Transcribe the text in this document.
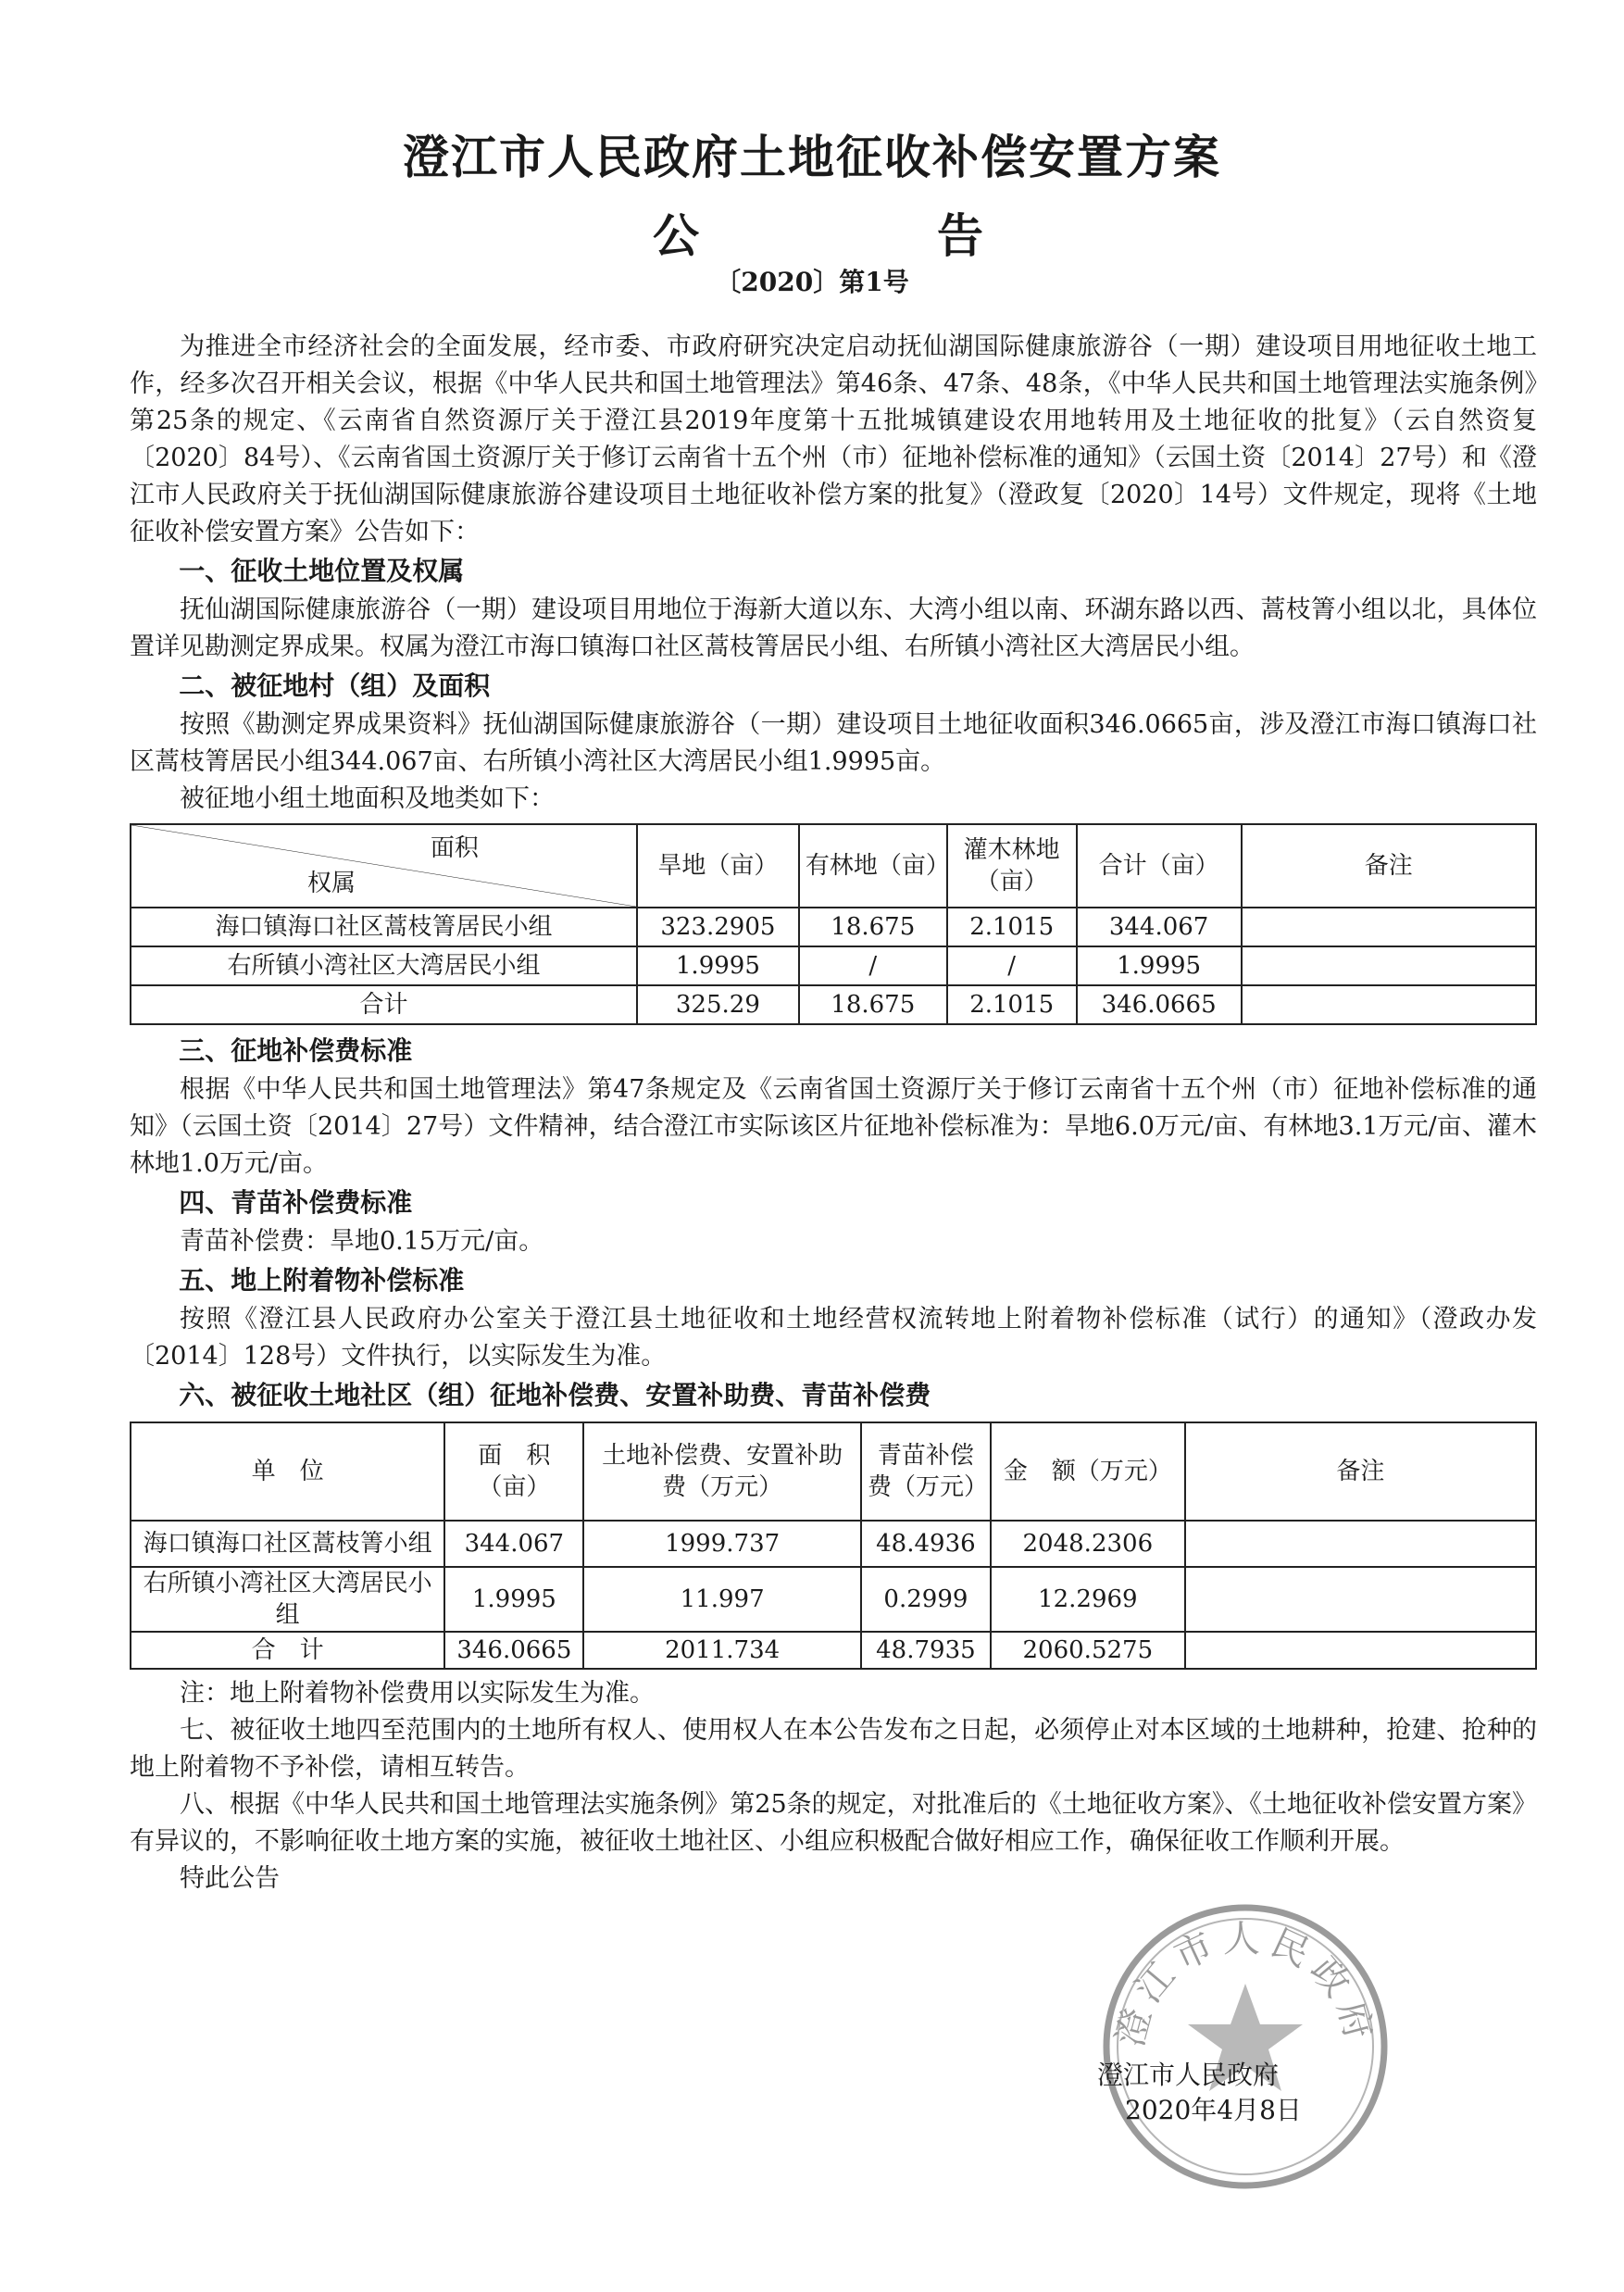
澄江市人民政府土地征收补偿安置方案
公	告
〔2020〕第1号

为推进全市经济社会的全面发展，经市委、市政府研究决定启动抚仙湖国际健康旅游谷（一期）建设项目用地征收土地工作，经多次召开相关会议，根据《中华人民共和国土地管理法》第46条、47条、48条，《中华人民共和国土地管理法实施条例》第25条的规定、《云南省自然资源厅关于澄江县2019年度第十五批城镇建设农用地转用及土地征收的批复》（云自然资复〔2020〕84号）、《云南省国土资源厅关于修订云南省十五个州（市）征地补偿标准的通知》（云国土资〔2014〕27号）和《澄江市人民政府关于抚仙湖国际健康旅游谷建设项目土地征收补偿方案的批复》（澄政复〔2020〕14号）文件规定，现将《土地征收补偿安置方案》公告如下：

一、征收土地位置及权属

抚仙湖国际健康旅游谷（一期）建设项目用地位于海新大道以东、大湾小组以南、环湖东路以西、蒿枝箐小组以北，具体位置详见勘测定界成果。权属为澄江市海口镇海口社区蒿枝箐居民小组、右所镇小湾社区大湾居民小组。

二、被征地村（组）及面积

按照《勘测定界成果资料》抚仙湖国际健康旅游谷（一期）建设项目土地征收面积346.0665亩，涉及澄江市海口镇海口社区蒿枝箐居民小组344.067亩、右所镇小湾社区大湾居民小组1.9995亩。

被征地小组土地面积及地类如下：

面积
权属	旱地（亩）	有林地（亩）	灌木林地（亩）	合计（亩）	备注
海口镇海口社区蒿枝箐居民小组	323.2905	18.675	2.1015	344.067	
右所镇小湾社区大湾居民小组	1.9995	/	/	1.9995	
合计	325.29	18.675	2.1015	346.0665	
三、征地补偿费标准

根据《中华人民共和国土地管理法》第47条规定及《云南省国土资源厅关于修订云南省十五个州（市）征地补偿标准的通知》（云国土资〔2014〕27号）文件精神，结合澄江市实际该区片征地补偿标准为：旱地6.0万元/亩、有林地3.1万元/亩、灌木林地1.0万元/亩。

四、青苗补偿费标准

青苗补偿费：旱地0.15万元/亩。

五、地上附着物补偿标准

按照《澄江县人民政府办公室关于澄江县土地征收和土地经营权流转地上附着物补偿标准（试行）的通知》（澄政办发〔2014〕128号）文件执行，以实际发生为准。

六、被征收土地社区（组）征地补偿费、安置补助费、青苗补偿费
单　位	面　积（亩）	土地补偿费、安置补助费（万元）	青苗补偿费（万元）	金　额（万元）	备注
海口镇海口社区蒿枝箐小组	344.067	1999.737	48.4936	2048.2306	
右所镇小湾社区大湾居民小组	1.9995	11.997	0.2999	12.2969	
合　计	346.0665	2011.734	48.7935	2060.5275	

注：地上附着物补偿费用以实际发生为准。

七、被征收土地四至范围内的土地所有权人、使用权人在本公告发布之日起，必须停止对本区域的土地耕种，抢建、抢种的地上附着物不予补偿，请相互转告。

八、根据《中华人民共和国土地管理法实施条例》第25条的规定，对批准后的《土地征收方案》、《土地征收补偿安置方案》有异议的，不影响征收土地方案的实施，被征收土地社区、小组应积极配合做好相应工作，确保征收工作顺利开展。

特此公告

澄江市人民政府
澄江市人民政府
2020年4月8日
